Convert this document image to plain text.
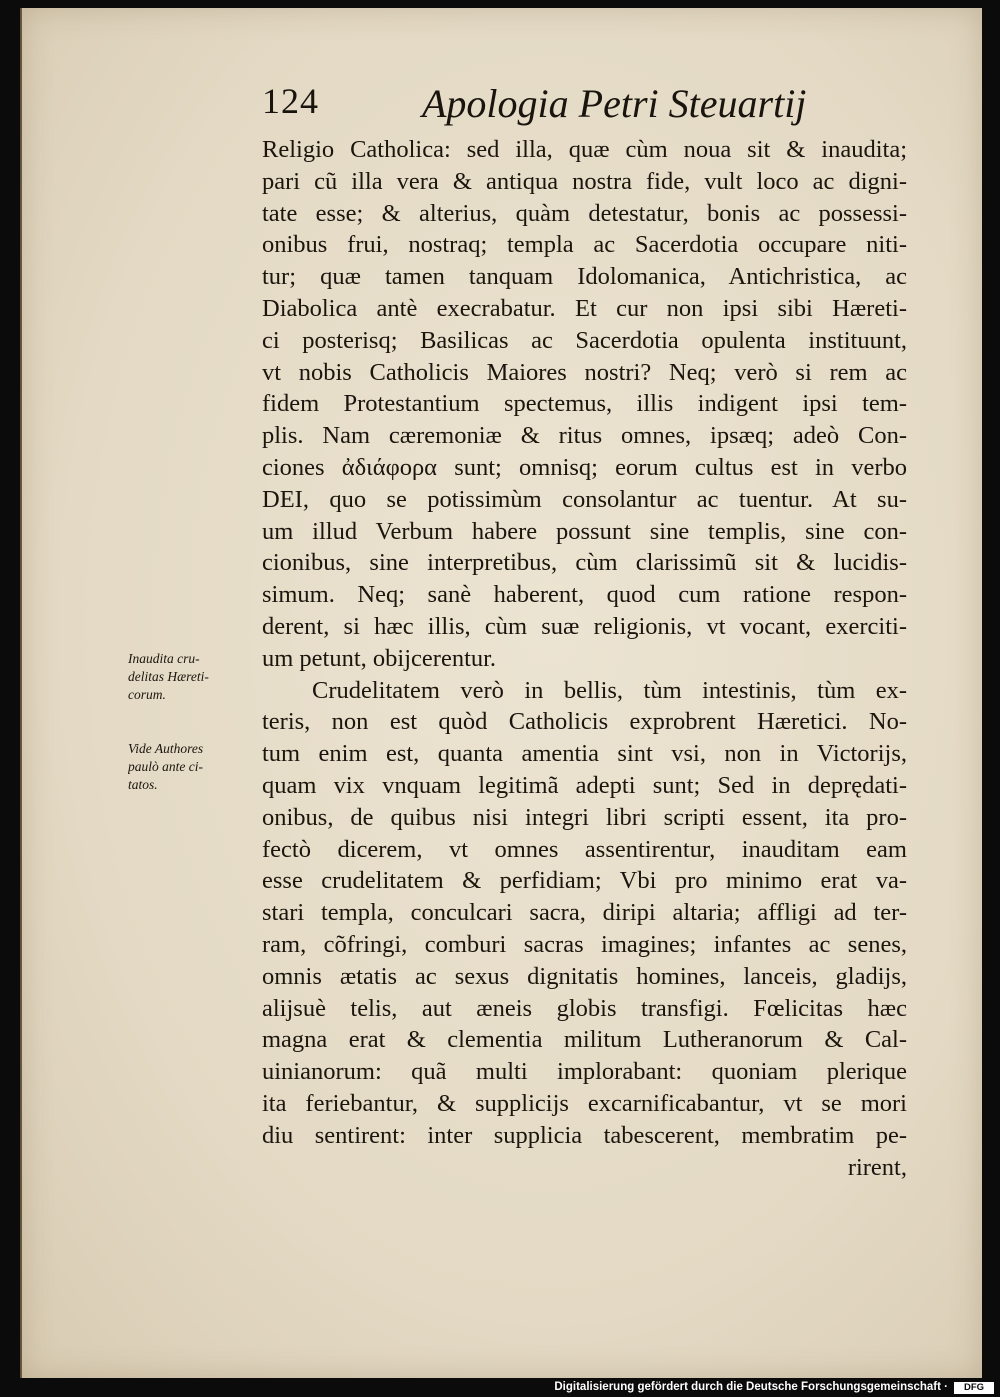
124	Apologia Petri Steuartij
Religio Catholica: sed illa, quæ cùm noua sit & inaudita;
pari cũ illa vera & antiqua nostra fide, vult loco ac digni-
tate esse; & alterius, quàm detestatur, bonis ac possessi-
onibus frui, nostraq; templa ac Sacerdotia occupare niti-
tur; quæ tamen tanquam Idolomanica, Antichristica, ac
Diabolica antè execrabatur. Et cur non ipsi sibi Hæreti-
ci posterisq; Basilicas ac Sacerdotia opulenta instituunt,
vt nobis Catholicis Maiores nostri? Neq; verò si rem ac
fidem Protestantium spectemus, illis indigent ipsi tem-
plis. Nam cæremoniæ & ritus omnes, ipsæq; adeò Con-
ciones ἀδιάφορα sunt; omnisq; eorum cultus est in verbo
DEI, quo se potissimùm consolantur ac tuentur. At su-
um illud Verbum habere possunt sine templis, sine con-
cionibus, sine interpretibus, cùm clarissimũ sit & lucidis-
simum. Neq; sanè haberent, quod cum ratione respon-
derent, si hæc illis, cùm suæ religionis, vt vocant, exerciti-
um petunt, obijcerentur.
Crudelitatem verò in bellis, tùm intestinis, tùm ex-
teris, non est quòd Catholicis exprobrent Hæretici. No-
tum enim est, quanta amentia sint vsi, non in Victorijs,
quam vix vnquam legitimã adepti sunt; Sed in deprędati-
onibus, de quibus nisi integri libri scripti essent, ita pro-
fectò dicerem, vt omnes assentirentur, inauditam eam
esse crudelitatem & perfidiam; Vbi pro minimo erat va-
stari templa, conculcari sacra, diripi altaria; affligi ad ter-
ram, cõfringi, comburi sacras imagines; infantes ac senes,
omnis ætatis ac sexus dignitatis homines, lanceis, gladijs,
alijsuè telis, aut æneis globis transfigi. Fœlicitas hæc
magna erat & clementia militum Lutheranorum & Cal-
uinianorum: quã multi implorabant: quoniam plerique
ita feriebantur, & supplicijs excarnificabantur, vt se mori
diu sentirent: inter supplicia tabescerent, membratim pe-
rirent,
Inaudita cru-
delitas Hæreti-
corum.
Vide Authores
paulò ante ci-
tatos.
Digitalisierung gefördert durch die Deutsche Forschungsgemeinschaft ·	DFG
